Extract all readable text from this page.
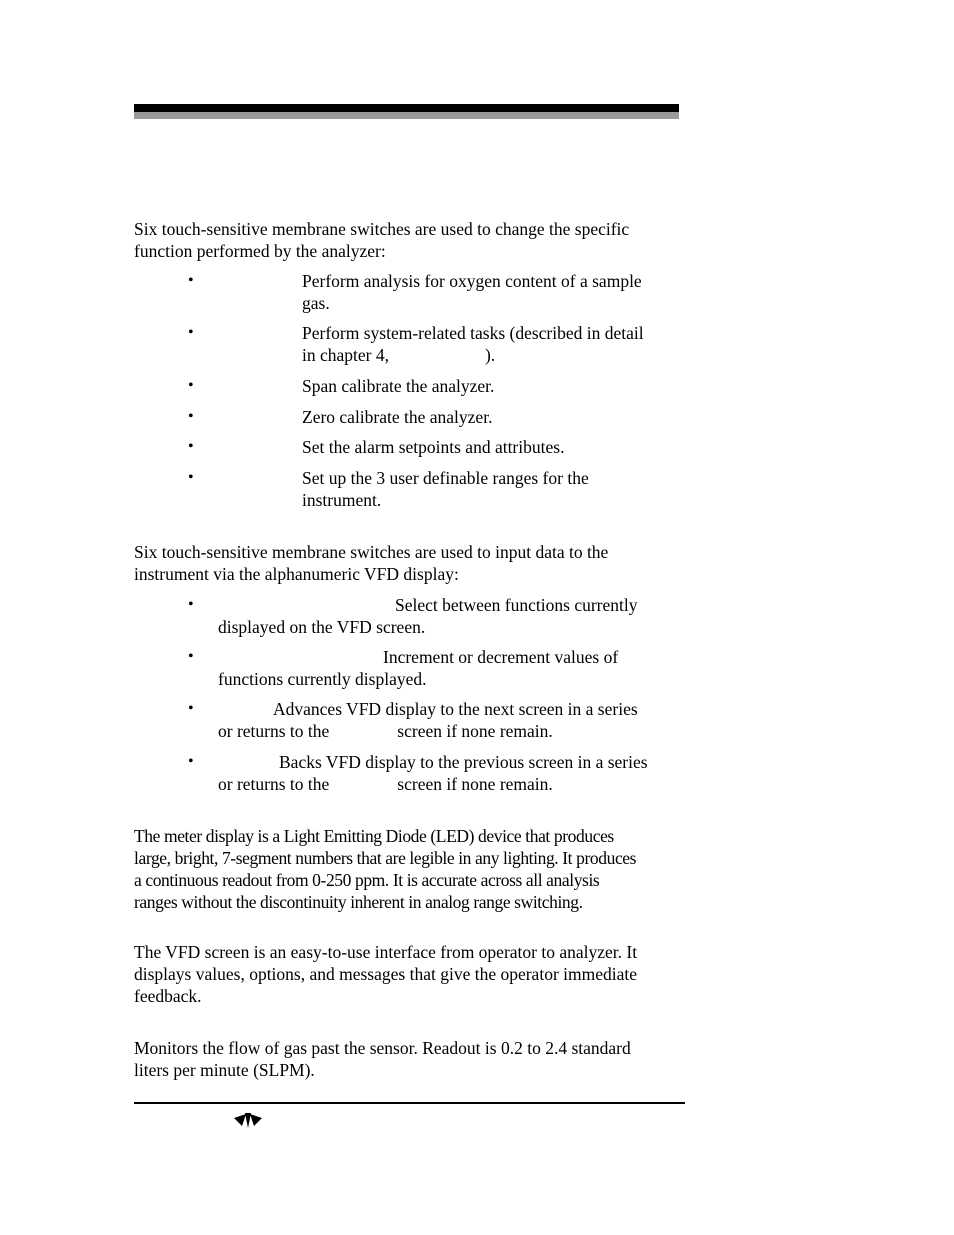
Six touch-sensitive membrane switches are used to change the specific
function performed by the analyzer:
•	Perform analysis for oxygen content of a sample
gas.
•	Perform system-related tasks (described in detail
in chapter 4,	).
•	Span calibrate the analyzer.
•	Zero calibrate the analyzer.
•	Set the alarm setpoints and attributes.
•	Set up the 3 user definable ranges for the
instrument.
Six touch-sensitive membrane switches are used to input data to the
instrument via the alphanumeric VFD display:
•	Select between functions currently
displayed on the VFD screen.
•	Increment or decrement values of
functions currently displayed.
•	Advances VFD display to the next screen in a series
or returns to the	screen if none remain.
•	Backs VFD display to the previous screen in a series
or returns to the	screen if none remain.
The meter display is a Light Emitting Diode (LED) device that produces
large, bright, 7-segment numbers that are legible in any lighting. It produces
a continuous readout from 0-250 ppm. It is accurate across all analysis
ranges without the discontinuity inherent in analog range switching.
The VFD screen is an easy-to-use interface from operator to analyzer. It
displays values, options, and messages that give the operator immediate
feedback.
Monitors the flow of gas past the sensor. Readout is 0.2 to 2.4 standard
liters per minute (SLPM).
